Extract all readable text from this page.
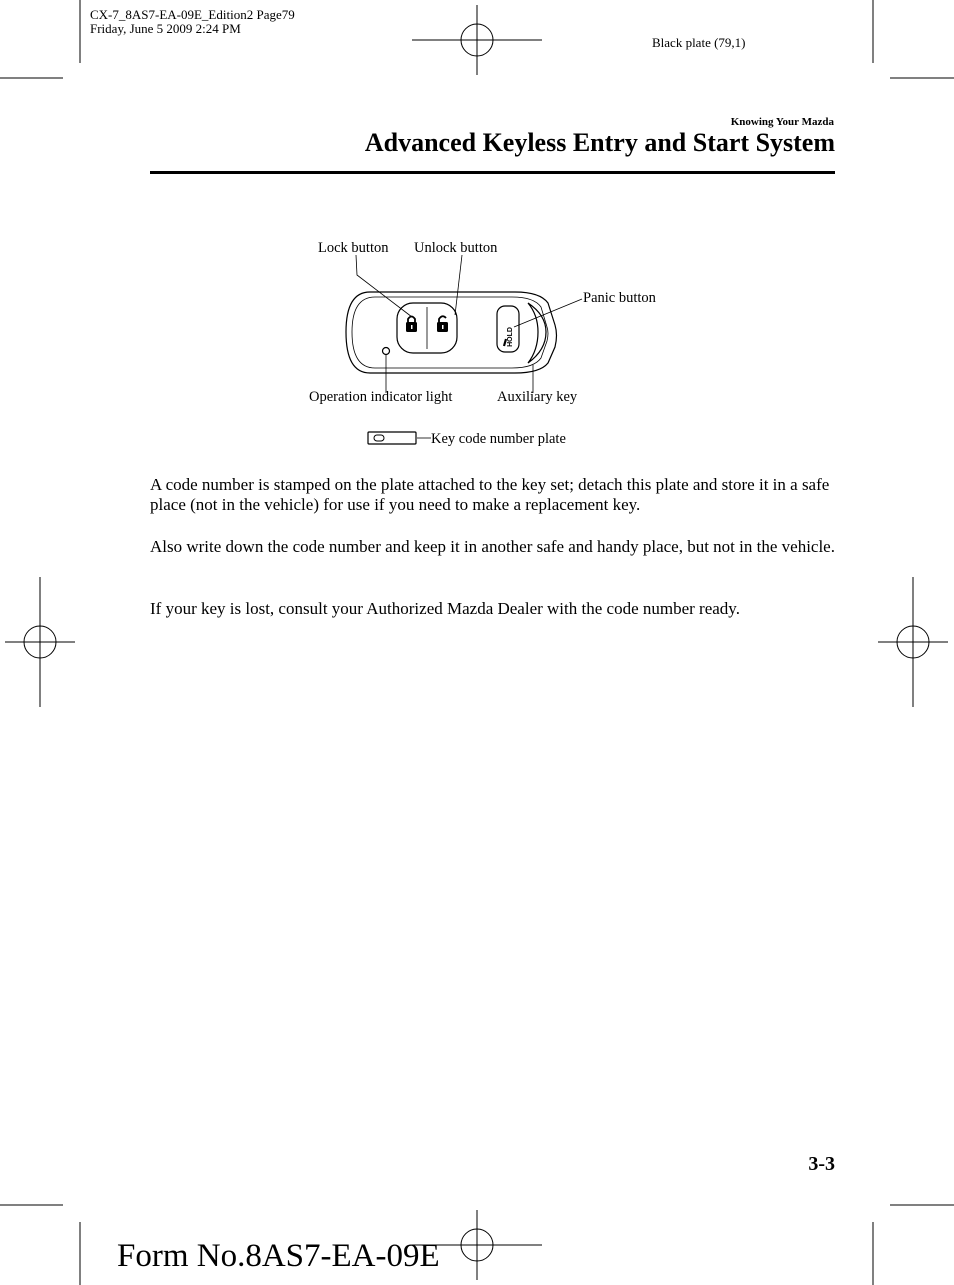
CX-7_8AS7-EA-09E_Edition2 Page79
Friday, June 5 2009 2:24 PM
Black plate (79,1)
Knowing Your Mazda
Advanced Keyless Entry and Start System
HOLD
Lock button Unlock button
Panic button
Operation indicator light	Auxiliary key
Key code number plate

A code number is stamped on the plate attached to the key set; detach this plate and store it in a safe place (not in the vehicle) for use if you need to make a replacement key.

Also write down the code number and keep it in another safe and handy place, but not in the vehicle.

If your key is lost, consult your Authorized Mazda Dealer with the code number ready.

3-3
Form No.8AS7-EA-09E
